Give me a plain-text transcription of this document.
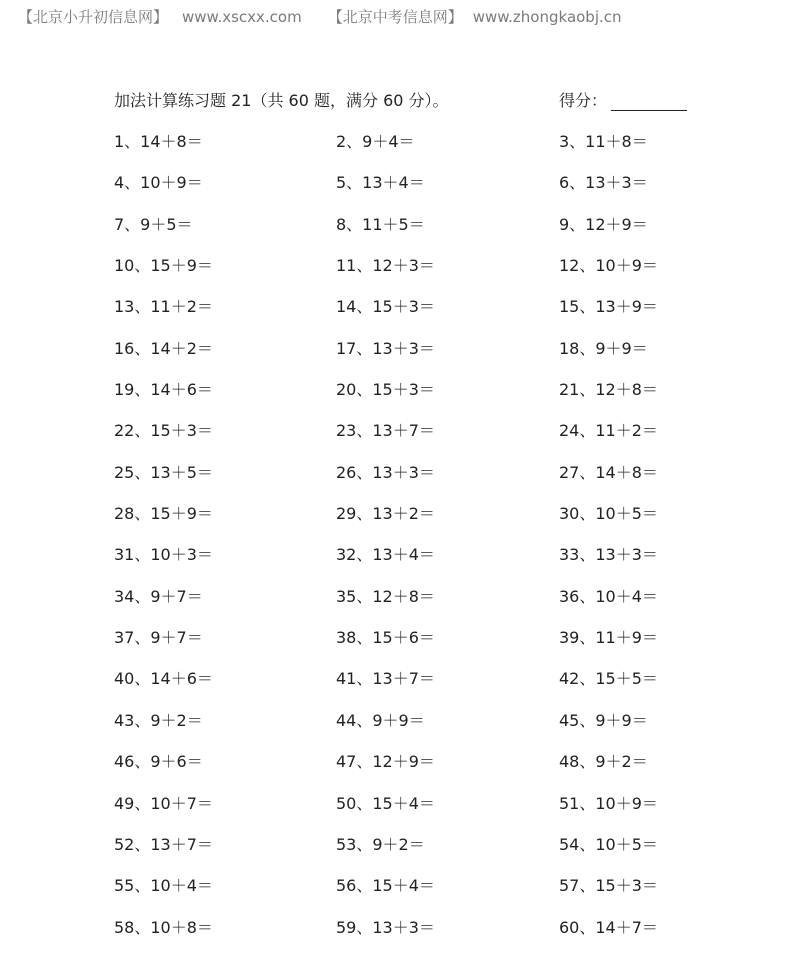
【北京小升初信息网】 www.xscxx.com 【北京中考信息网】 www.zhongkaobj.cn
加法计算练习题 21（共 60 题，满分 60 分）。	得分：
1、14＋8＝	2、9＋4＝	3、11＋8＝
4、10＋9＝	5、13＋4＝	6、13＋3＝
7、9＋5＝	8、11＋5＝	9、12＋9＝
10、15＋9＝	11、12＋3＝	12、10＋9＝
13、11＋2＝	14、15＋3＝	15、13＋9＝
16、14＋2＝	17、13＋3＝	18、9＋9＝
19、14＋6＝	20、15＋3＝	21、12＋8＝
22、15＋3＝	23、13＋7＝	24、11＋2＝
25、13＋5＝	26、13＋3＝	27、14＋8＝
28、15＋9＝	29、13＋2＝	30、10＋5＝
31、10＋3＝	32、13＋4＝	33、13＋3＝
34、9＋7＝	35、12＋8＝	36、10＋4＝
37、9＋7＝	38、15＋6＝	39、11＋9＝
40、14＋6＝	41、13＋7＝	42、15＋5＝
43、9＋2＝	44、9＋9＝	45、9＋9＝
46、9＋6＝	47、12＋9＝	48、9＋2＝
49、10＋7＝	50、15＋4＝	51、10＋9＝
52、13＋7＝	53、9＋2＝	54、10＋5＝
55、10＋4＝	56、15＋4＝	57、15＋3＝
58、10＋8＝	59、13＋3＝	60、14＋7＝
